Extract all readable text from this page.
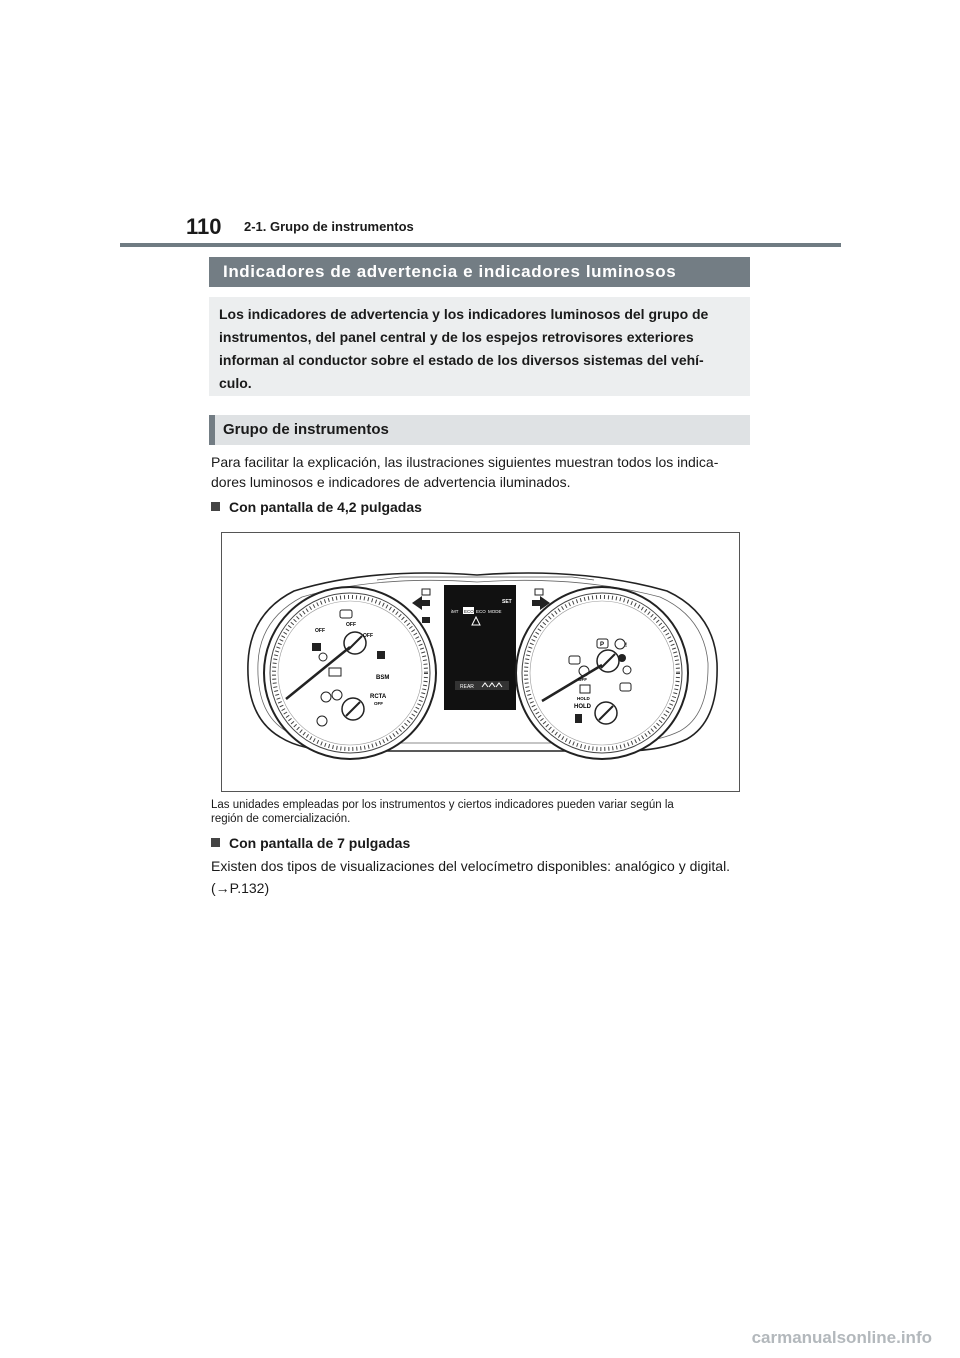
110 2-1. Grupo de instrumentos
Indicadores de advertencia e indicadores luminosos
Los indicadores de advertencia y los indicadores luminosos del grupo de
instrumentos, del panel central y de los espejos retrovisores exteriores
informan al conductor sobre el estado de los diversos sistemas del vehí-
culo.
Grupo de instrumentos
Para facilitar la explicación, las ilustraciones siguientes muestran todos los indica-
dores luminosos e indicadores de advertencia iluminados.
Con pantalla de 4,2 pulgadas
OFF
OFF
OFF
BSM
RCTA
OFF
iMT ECO ECO MODE
SET
REAR
P	!
OFF
HOLD
HOLD
Las unidades empleadas por los instrumentos y ciertos indicadores pueden variar según la
región de comercialización.
Con pantalla de 7 pulgadas
Existen dos tipos de visualizaciones del velocímetro disponibles: analógico y digital.
(→P.132)
carmanualsonline.info
